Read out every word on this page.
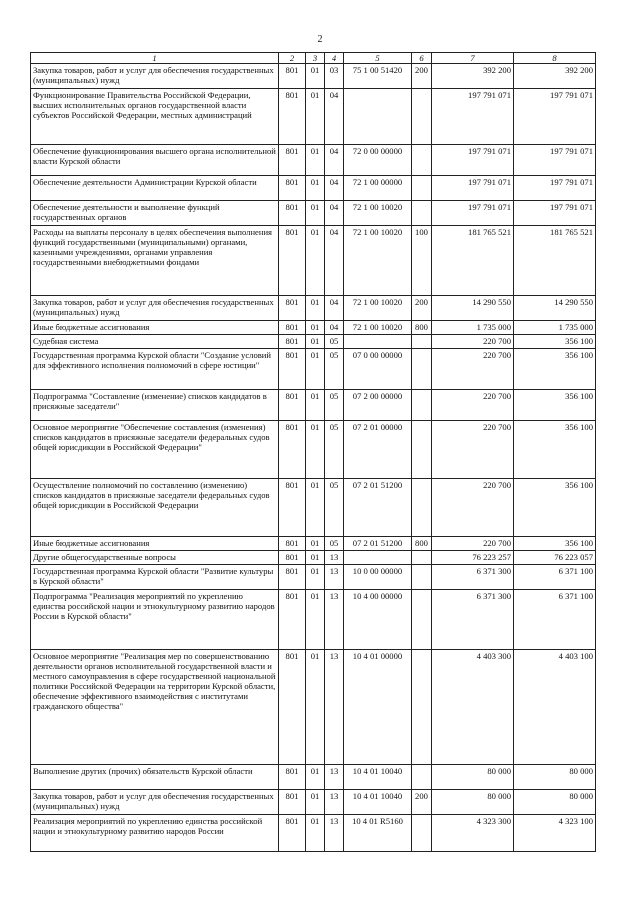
2
1	2	3	4	5	6	7	8
Закупка товаров, работ и услуг для обеспечения государственных (муниципальных) нужд	801	01	03	75 1 00 51420	200	392 200	392 200
Функционирование Правительства Российской Федерации, высших исполнительных органов государственной власти субъектов Российской Федерации, местных администраций	801	01	04			197 791 071	197 791 071
Обеспечение функционирования высшего органа исполнительной власти Курской области	801	01	04	72 0 00 00000		197 791 071	197 791 071
Обеспечение деятельности Администрации Курской области	801	01	04	72 1 00 00000		197 791 071	197 791 071
Обеспечение деятельности и выполнение функций государственных органов	801	01	04	72 1 00 10020		197 791 071	197 791 071
Расходы на выплаты персоналу в целях обеспечения выполнения функций государственными (муниципальными) органами, казенными учреждениями, органами управления государственными внебюджетными фондами	801	01	04	72 1 00 10020	100	181 765 521	181 765 521
Закупка товаров, работ и услуг для обеспечения государственных (муниципальных) нужд	801	01	04	72 1 00 10020	200	14 290 550	14 290 550
Иные бюджетные ассигнования	801	01	04	72 1 00 10020	800	1 735 000	1 735 000
Судебная система	801	01	05			220 700	356 100
Государственная программа Курской области "Создание условий для эффективного исполнения полномочий в сфере юстиции"	801	01	05	07 0 00 00000		220 700	356 100
Подпрограмма "Составление (изменение) списков кандидатов в присяжные заседатели"	801	01	05	07 2 00 00000		220 700	356 100
Основное мероприятие "Обеспечение составления (изменения) списков кандидатов в присяжные заседатели федеральных судов общей юрисдикции в Российской Федерации"	801	01	05	07 2 01 00000		220 700	356 100
Осуществление полномочий по составлению (изменению) списков кандидатов в присяжные заседатели федеральных судов общей юрисдикции в Российской Федерации	801	01	05	07 2 01 51200		220 700	356 100
Иные бюджетные ассигнования	801	01	05	07 2 01 51200	800	220 700	356 100
Другие общегосударственные вопросы	801	01	13			76 223 257	76 223 057
Государственная программа Курской области "Развитие культуры в Курской области"	801	01	13	10 0 00 00000		6 371 300	6 371 100
Подпрограмма "Реализация мероприятий по укреплению единства российской нации и этнокультурному развитию народов России в Курской области"	801	01	13	10 4 00 00000		6 371 300	6 371 100
Основное мероприятие "Реализация мер по совершенствованию деятельности органов исполнительной государственной власти и местного самоуправления в сфере государственной национальной политики Российской Федерации на территории Курской области, обеспечение эффективного взаимодействия с институтами гражданского общества"	801	01	13	10 4 01 00000		4 403 300	4 403 100
Выполнение других (прочих) обязательств Курской области	801	01	13	10 4 01 10040		80 000	80 000
Закупка товаров, работ и услуг для обеспечения государственных (муниципальных) нужд	801	01	13	10 4 01 10040	200	80 000	80 000
Реализация мероприятий по укреплению единства российской нации и этнокультурному развитию народов России	801	01	13	10 4 01 R5160		4 323 300	4 323 100
